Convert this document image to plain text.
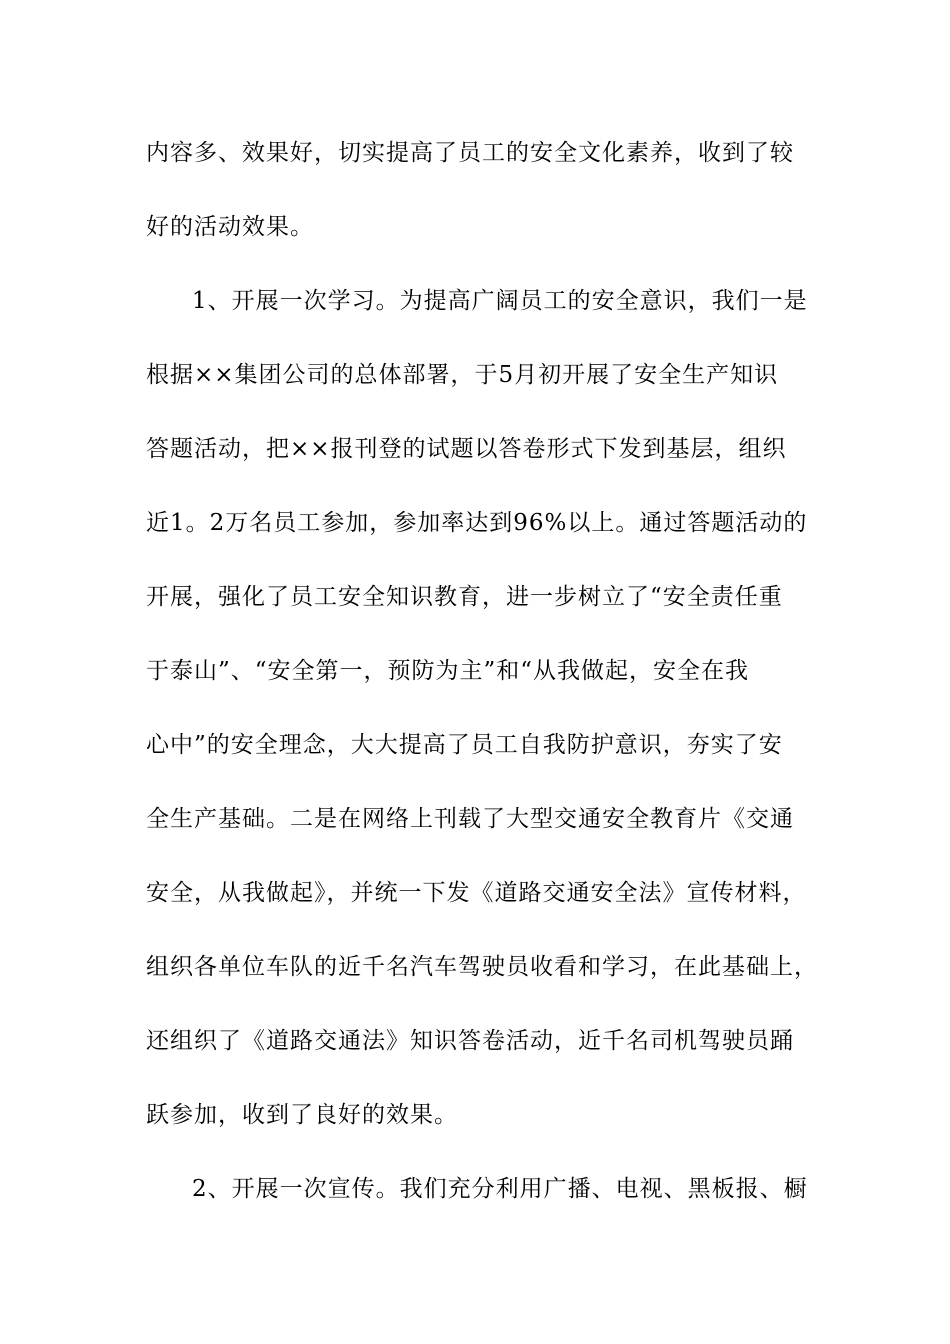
内容多、效果好，切实提高了员工的安全文化素养，收到了较
好的活动效果。
1、开展一次学习。为提高广阔员工的安全意识，我们一是
根据××集团公司的总体部署，于5月初开展了安全生产知识
答题活动，把××报刊登的试题以答卷形式下发到基层，组织
近1。2万名员工参加，参加率达到96%以上。通过答题活动的
开展，强化了员工安全知识教育，进一步树立了“安全责任重
于泰山”、“安全第一，预防为主”和“从我做起，安全在我
心中”的安全理念，大大提高了员工自我防护意识，夯实了安
全生产基础。二是在网络上刊载了大型交通安全教育片《交通
安全，从我做起》，并统一下发《道路交通安全法》宣传材料，
组织各单位车队的近千名汽车驾驶员收看和学习，在此基础上，
还组织了《道路交通法》知识答卷活动，近千名司机驾驶员踊
跃参加，收到了良好的效果。
2、开展一次宣传。我们充分利用广播、电视、黑板报、橱
